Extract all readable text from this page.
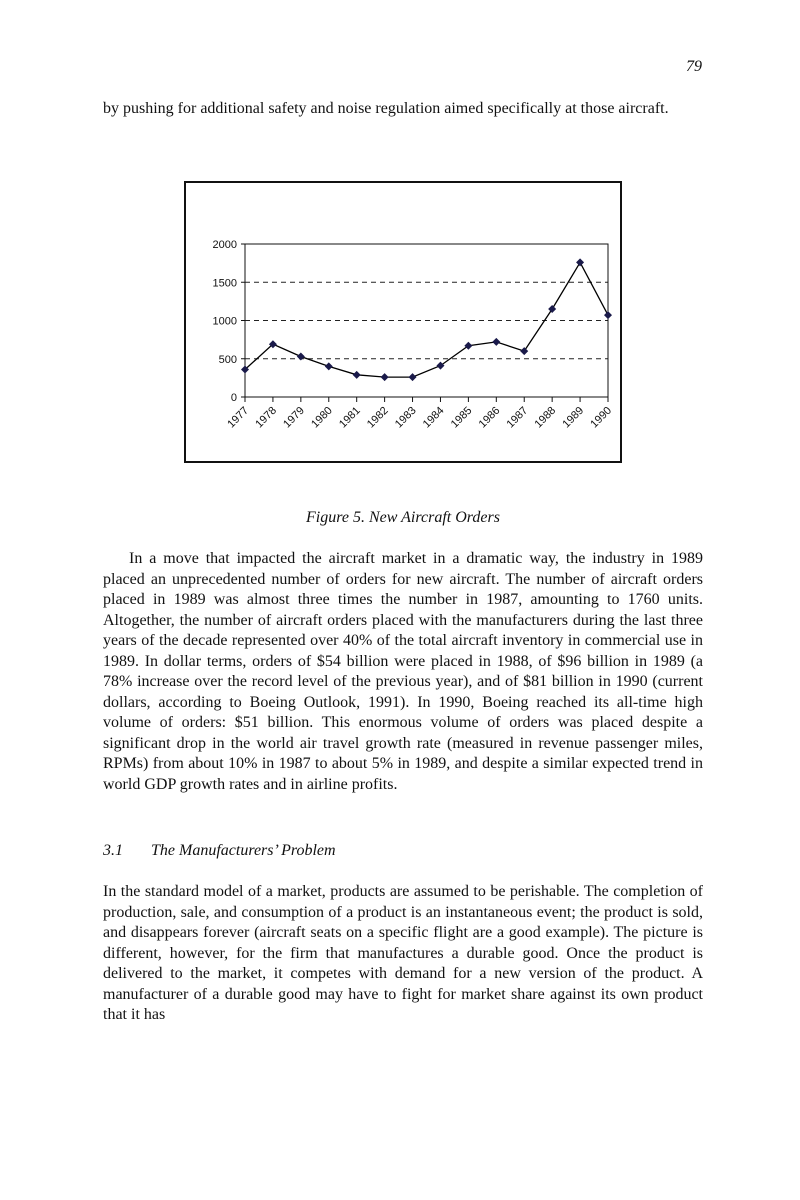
79

by pushing for additional safety and noise regulation aimed specifically at those aircraft.

0
500
1000
1500
2000
1977 1978 1979 1980 1981 1982 1983 1984 1985 1986 1987 1988 1989 1990
Figure 5. New Aircraft Orders

In a move that impacted the aircraft market in a dramatic way, the industry in 1989 placed an unprecedented number of orders for new aircraft. The number of aircraft orders placed in 1989 was almost three times the number in 1987, amounting to 1760 units. Altogether, the number of aircraft orders placed with the manufacturers during the last three years of the decade represented over 40% of the total aircraft inventory in commercial use in 1989. In dollar terms, orders of $54 billion were placed in 1988, of $96 billion in 1989 (a 78% increase over the record level of the previous year), and of $81 billion in 1990 (current dollars, according to Boeing Outlook, 1991). In 1990, Boeing reached its all-time high volume of orders: $51 billion. This enormous volume of orders was placed despite a significant drop in the world air travel growth rate (measured in revenue passenger miles, RPMs) from about 10% in 1987 to about 5% in 1989, and despite a similar expected trend in world GDP growth rates and in airline profits.

3.1 The Manufacturers’ Problem

In the standard model of a market, products are assumed to be perishable. The completion of production, sale, and consumption of a product is an instantaneous event; the product is sold, and disappears forever (aircraft seats on a specific flight are a good example). The picture is different, however, for the firm that manufactures a durable good. Once the product is delivered to the market, it competes with demand for a new version of the product. A manufacturer of a durable good may have to fight for market share against its own product that it has
